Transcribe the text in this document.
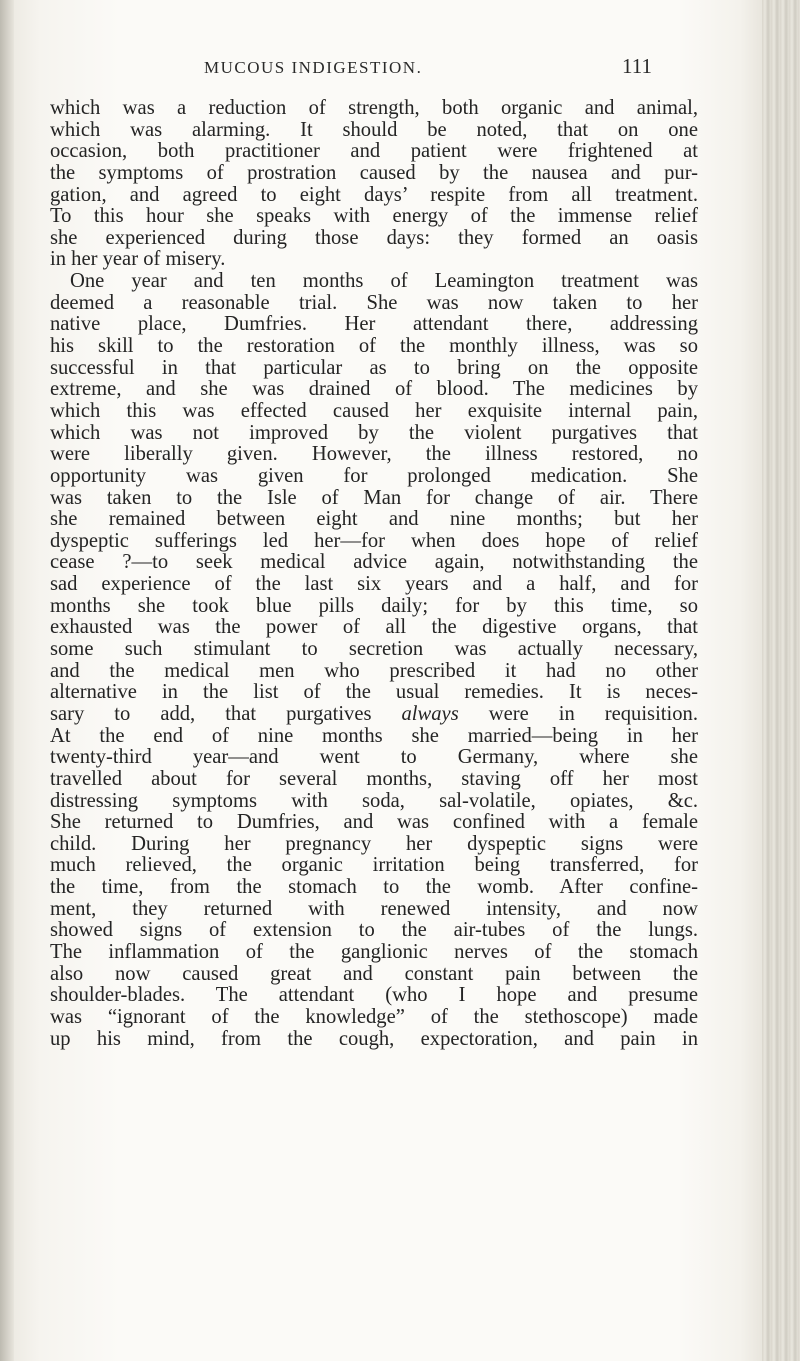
MUCOUS INDIGESTION.	111
which was a reduction of strength, both organic and animal,
which was alarming. It should be noted, that on one
occasion, both practitioner and patient were frightened at
the symptoms of prostration caused by the nausea and pur-
gation, and agreed to eight days’ respite from all treatment.
To this hour she speaks with energy of the immense relief
she experienced during those days: they formed an oasis
in her year of misery.
One year and ten months of Leamington treatment was
deemed a reasonable trial. She was now taken to her
native place, Dumfries. Her attendant there, addressing
his skill to the restoration of the monthly illness, was so
successful in that particular as to bring on the opposite
extreme, and she was drained of blood. The medicines by
which this was effected caused her exquisite internal pain,
which was not improved by the violent purgatives that
were liberally given. However, the illness restored, no
opportunity was given for prolonged medication. She
was taken to the Isle of Man for change of air. There
she remained between eight and nine months; but her
dyspeptic sufferings led her—for when does hope of relief
cease ?—to seek medical advice again, notwithstanding the
sad experience of the last six years and a half, and for
months she took blue pills daily; for by this time, so
exhausted was the power of all the digestive organs, that
some such stimulant to secretion was actually necessary,
and the medical men who prescribed it had no other
alternative in the list of the usual remedies. It is neces-
sary to add, that purgatives always were in requisition.
At the end of nine months she married—being in her
twenty-third year—and went to Germany, where she
travelled about for several months, staving off her most
distressing symptoms with soda, sal-volatile, opiates, &c.
She returned to Dumfries, and was confined with a female
child. During her pregnancy her dyspeptic signs were
much relieved, the organic irritation being transferred, for
the time, from the stomach to the womb. After confine-
ment, they returned with renewed intensity, and now
showed signs of extension to the air-tubes of the lungs.
The inflammation of the ganglionic nerves of the stomach
also now caused great and constant pain between the
shoulder-blades. The attendant (who I hope and presume
was “ignorant of the knowledge” of the stethoscope) made
up his mind, from the cough, expectoration, and pain in
